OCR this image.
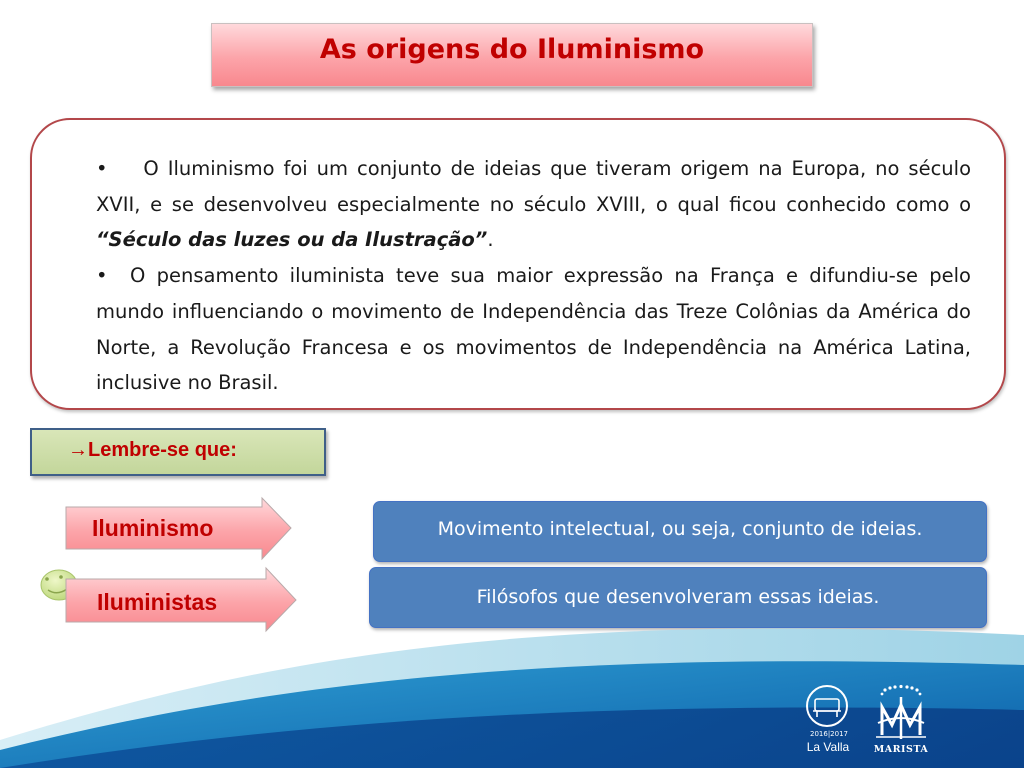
As origens do Iluminismo

• O Iluminismo foi um conjunto de ideias que tiveram origem na Europa, no século XVII, e se desenvolveu especialmente no século XVIII, o qual ficou conhecido como o “Século das luzes ou da Ilustração”.

• O pensamento iluminista teve sua maior expressão na França e difundiu-se pelo mundo influenciando o movimento de Independência das Treze Colônias da América do Norte, a Revolução Francesa e os movimentos de Independência na América Latina, inclusive no Brasil.

→Lembre-se que:
Iluminismo	Movimento intelectual, ou seja, conjunto de ideias.
Iluministas	Filósofos que desenvolveram essas ideias.
2016|2017
La Valla	MARISTA
